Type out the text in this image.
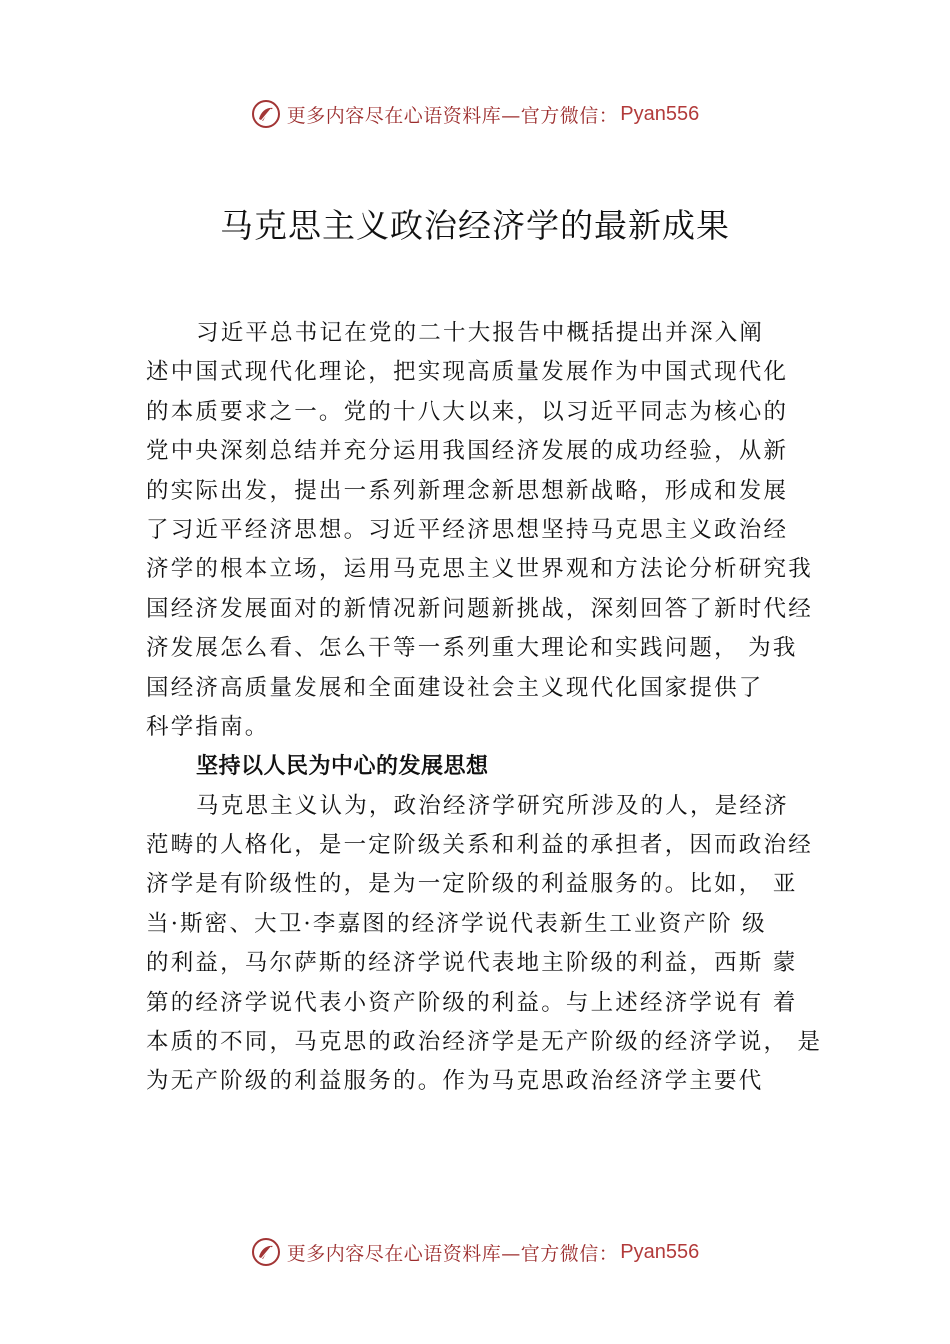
更多内容尽在心语资料库—官方微信： Pyan556
马克思主义政治经济学的最新成果
习近平总书记在党的二十大报告中概括提出并深入阐
述中国式现代化理论，把实现高质量发展作为中国式现代化
的本质要求之一。党的十八大以来，以习近平同志为核心的
党中央深刻总结并充分运用我国经济发展的成功经验，从新
的实际出发，提出一系列新理念新思想新战略，形成和发展
了习近平经济思想。习近平经济思想坚持马克思主义政治经
济学的根本立场，运用马克思主义世界观和方法论分析研究我
国经济发展面对的新情况新问题新挑战，深刻回答了新时代经
济发展怎么看、怎么干等一系列重大理论和实践问题， 为我
国经济高质量发展和全面建设社会主义现代化国家提供了
科学指南。
坚持以人民为中心的发展思想
马克思主义认为，政治经济学研究所涉及的人，是经济
范畴的人格化，是一定阶级关系和利益的承担者，因而政治经
济学是有阶级性的，是为一定阶级的利益服务的。比如， 亚
当·斯密、大卫·李嘉图的经济学说代表新生工业资产阶 级
的利益，马尔萨斯的经济学说代表地主阶级的利益，西斯 蒙
第的经济学说代表小资产阶级的利益。与上述经济学说有 着
本质的不同，马克思的政治经济学是无产阶级的经济学说， 是
为无产阶级的利益服务的。作为马克思政治经济学主要代
更多内容尽在心语资料库—官方微信： Pyan556
